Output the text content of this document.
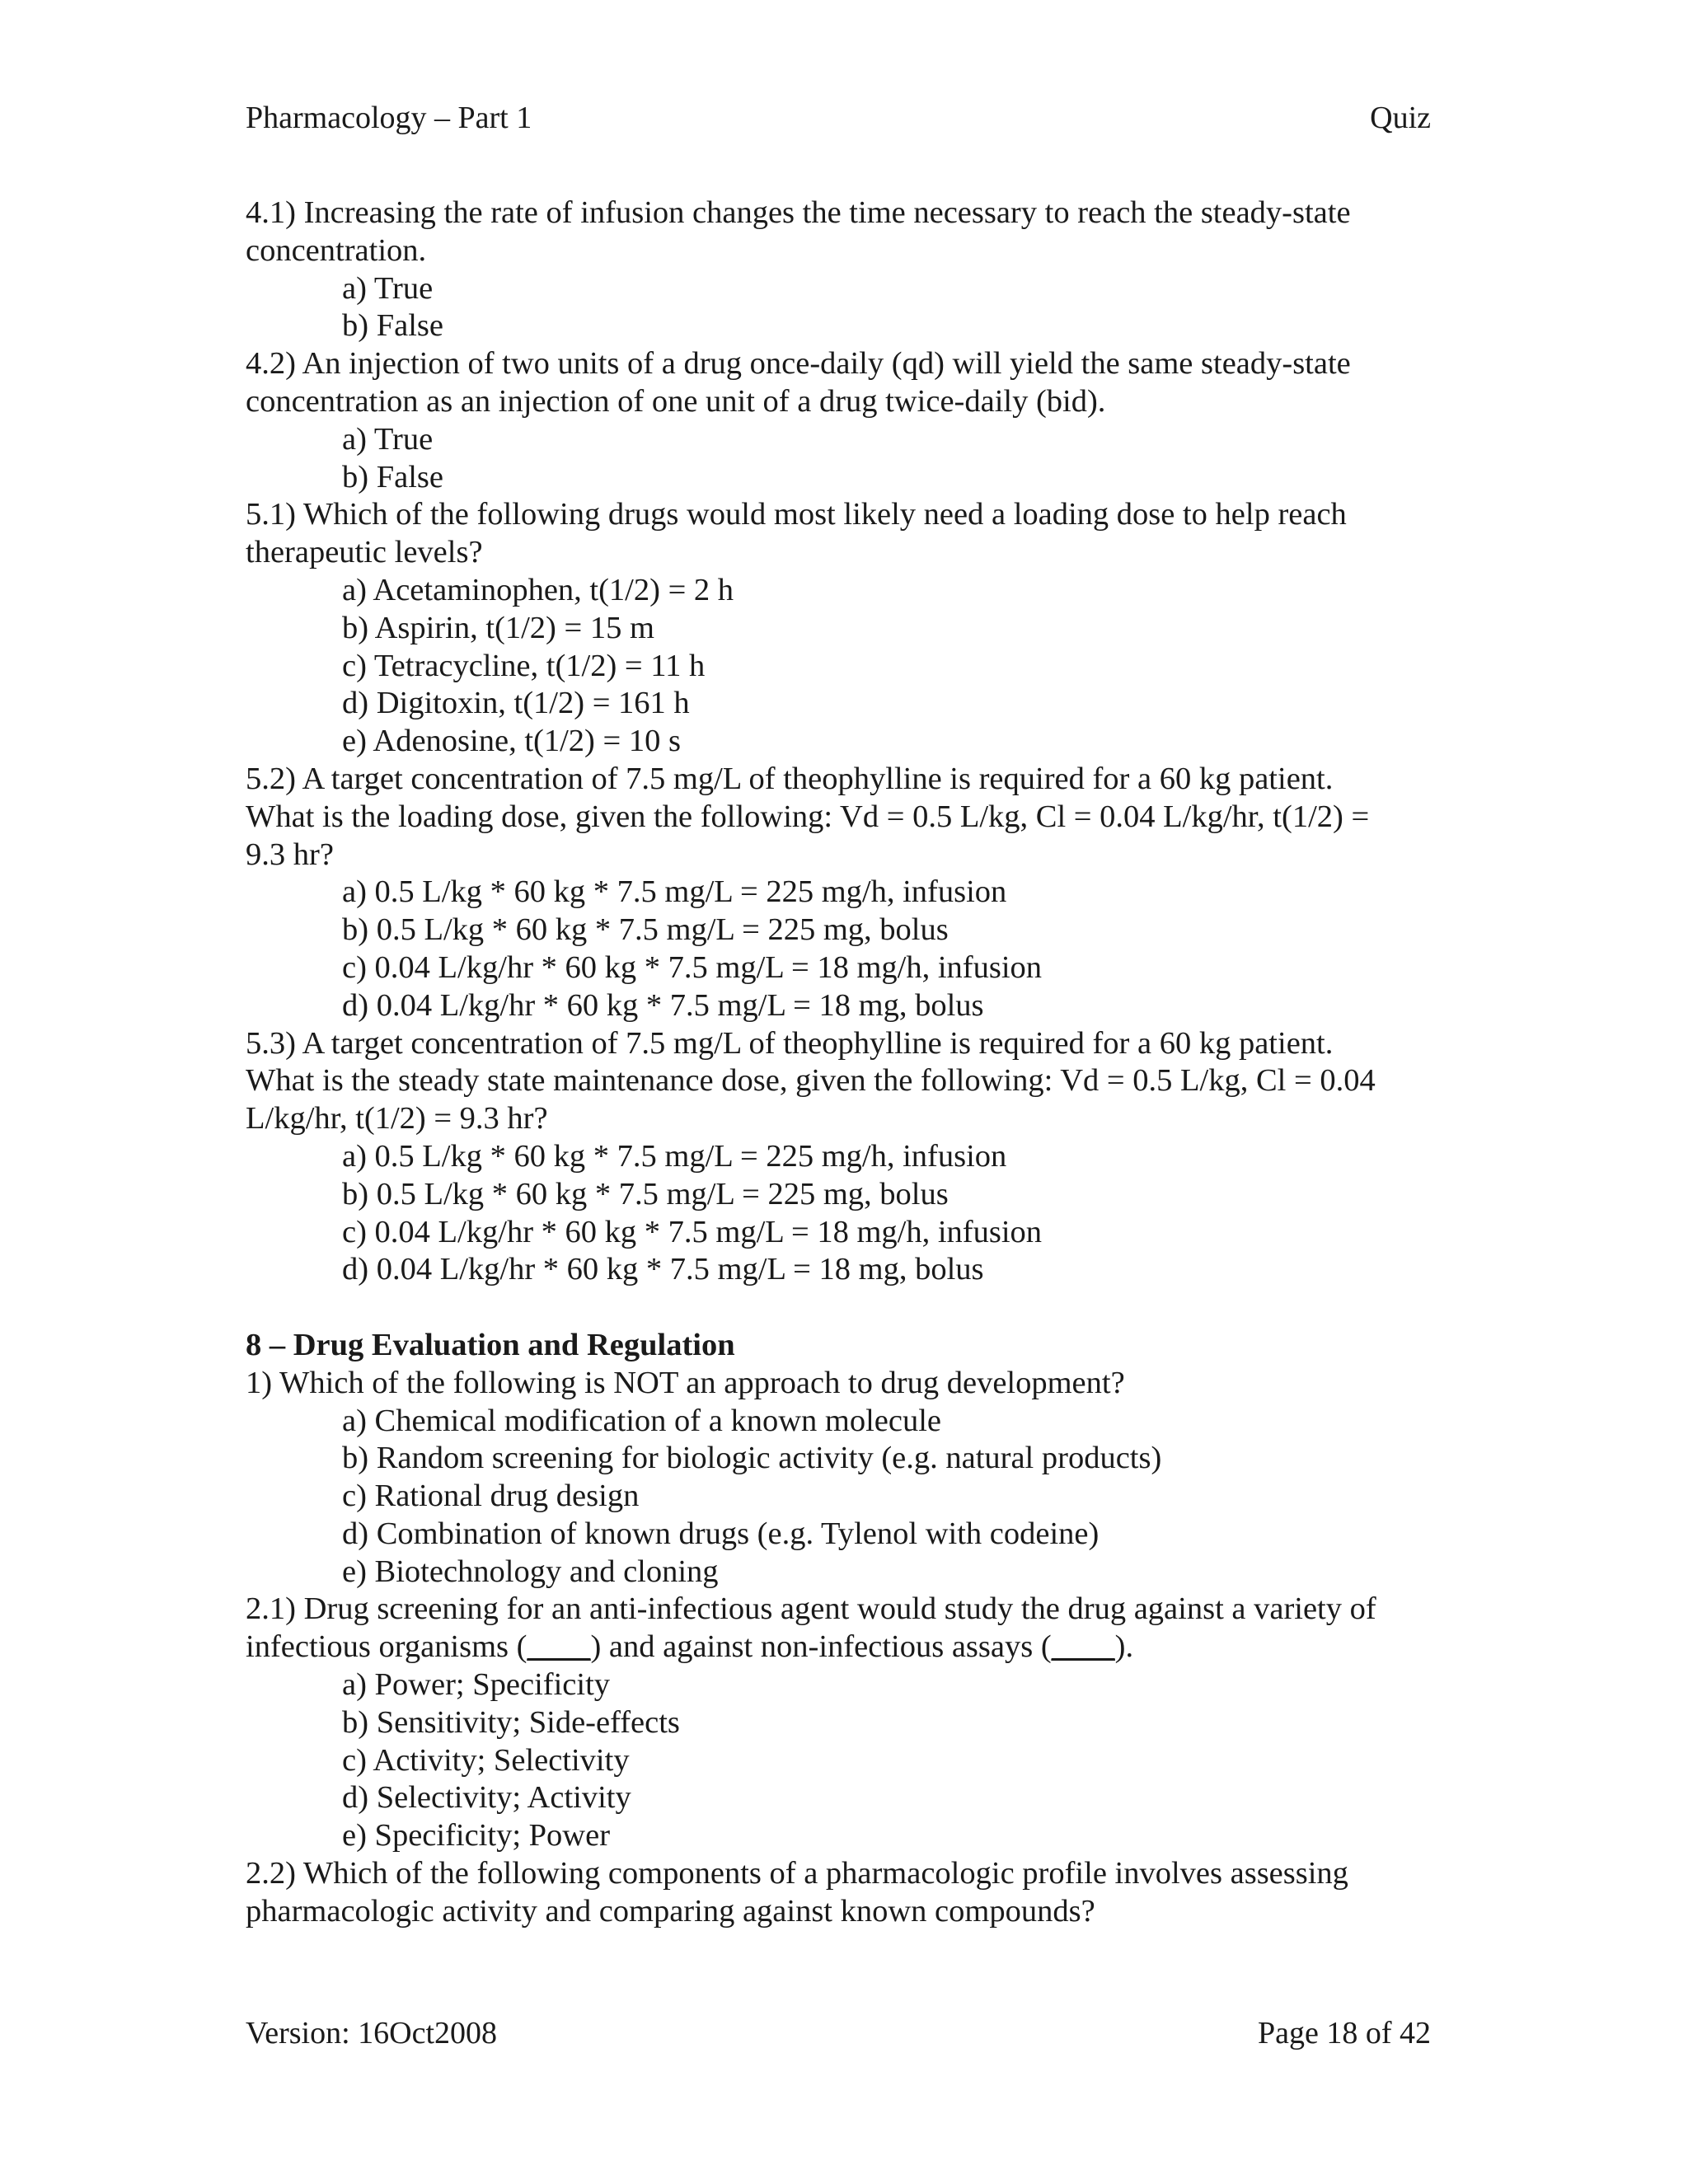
Pharmacology – Part 1	Quiz
4.1) Increasing the rate of infusion changes the time necessary to reach the steady-state
concentration.
a) True
b) False
4.2) An injection of two units of a drug once-daily (qd) will yield the same steady-state
concentration as an injection of one unit of a drug twice-daily (bid).
a) True
b) False
5.1) Which of the following drugs would most likely need a loading dose to help reach
therapeutic levels?
a) Acetaminophen, t(1/2) = 2 h
b) Aspirin, t(1/2) = 15 m
c) Tetracycline, t(1/2) = 11 h
d) Digitoxin, t(1/2) = 161 h
e) Adenosine, t(1/2) = 10 s
5.2) A target concentration of 7.5 mg/L of theophylline is required for a 60 kg patient.
What is the loading dose, given the following: Vd = 0.5 L/kg, Cl = 0.04 L/kg/hr, t(1/2) =
9.3 hr?
a) 0.5 L/kg * 60 kg * 7.5 mg/L = 225 mg/h, infusion
b) 0.5 L/kg * 60 kg * 7.5 mg/L = 225 mg, bolus
c) 0.04 L/kg/hr * 60 kg * 7.5 mg/L = 18 mg/h, infusion
d) 0.04 L/kg/hr * 60 kg * 7.5 mg/L = 18 mg, bolus
5.3) A target concentration of 7.5 mg/L of theophylline is required for a 60 kg patient.
What is the steady state maintenance dose, given the following: Vd = 0.5 L/kg, Cl = 0.04
L/kg/hr, t(1/2) = 9.3 hr?
a) 0.5 L/kg * 60 kg * 7.5 mg/L = 225 mg/h, infusion
b) 0.5 L/kg * 60 kg * 7.5 mg/L = 225 mg, bolus
c) 0.04 L/kg/hr * 60 kg * 7.5 mg/L = 18 mg/h, infusion
d) 0.04 L/kg/hr * 60 kg * 7.5 mg/L = 18 mg, bolus
8 – Drug Evaluation and Regulation
1) Which of the following is NOT an approach to drug development?
a) Chemical modification of a known molecule
b) Random screening for biologic activity (e.g. natural products)
c) Rational drug design
d) Combination of known drugs (e.g. Tylenol with codeine)
e) Biotechnology and cloning
2.1) Drug screening for an anti-infectious agent would study the drug against a variety of
infectious organisms (____) and against non-infectious assays (____).
a) Power; Specificity
b) Sensitivity; Side-effects
c) Activity; Selectivity
d) Selectivity; Activity
e) Specificity; Power
2.2) Which of the following components of a pharmacologic profile involves assessing
pharmacologic activity and comparing against known compounds?
Version: 16Oct2008	Page 18 of 42
